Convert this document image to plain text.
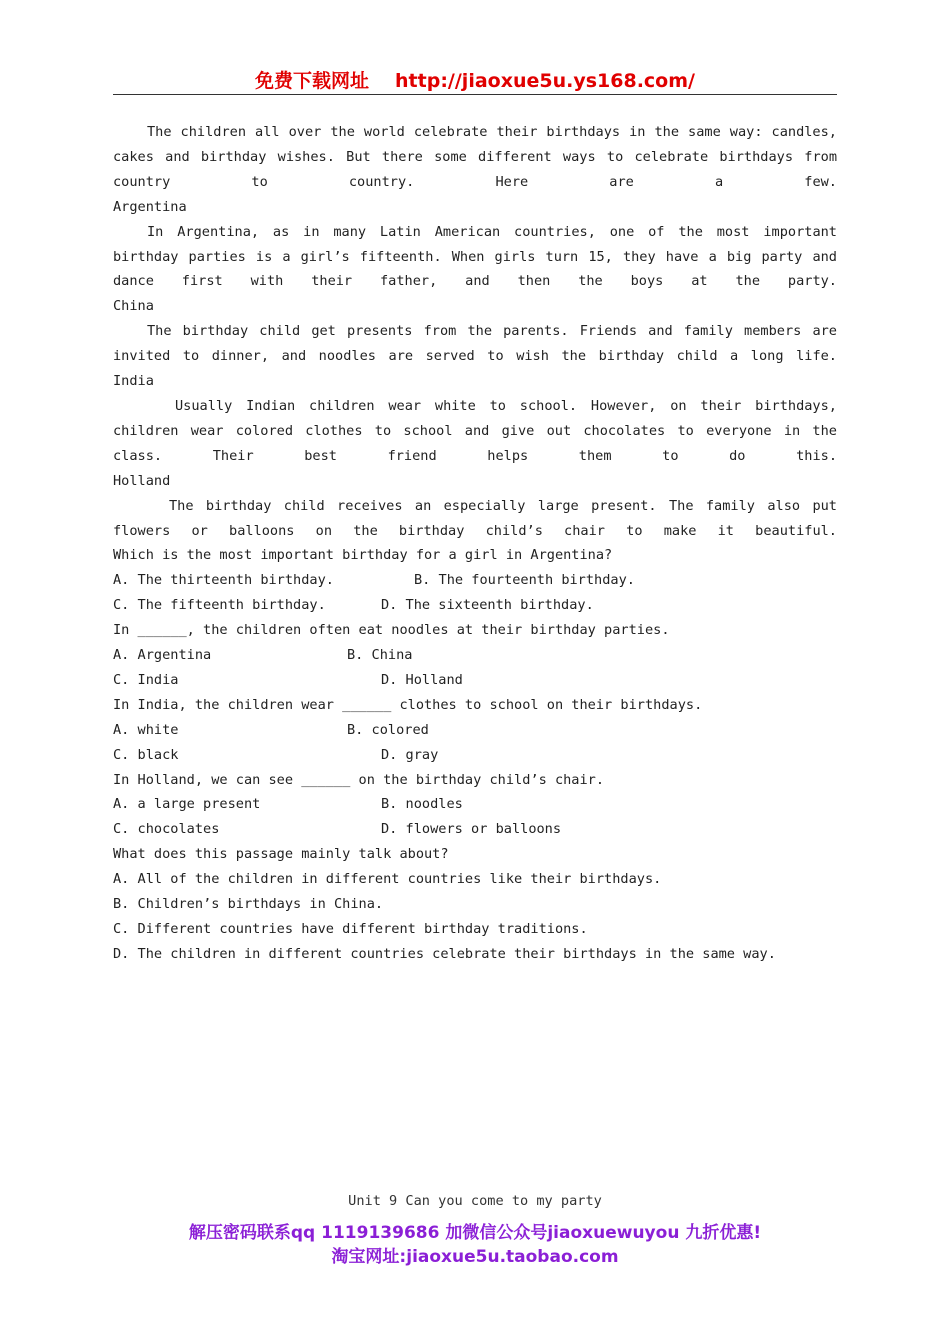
免费下载网址 http://jiaoxue5u.ys168.com/

The children all over the world celebrate their birthdays in the same way: candles, cakes and birthday wishes. But there some different ways to celebrate birthdays from country to country. Here are a few.

Argentina

In Argentina, as in many Latin American countries, one of the most important birthday parties is a girl’s fifteenth. When girls turn 15, they have a big party and dance first with their father, and then the boys at the party.

China

The birthday child get presents from the parents. Friends and family members are invited to dinner, and noodles are served to wish the birthday child a long life.

India

Usually Indian children wear white to school. However, on their birthdays, children wear colored clothes to school and give out chocolates to everyone in the class. Their best friend helps them to do this.

Holland

The birthday child receives an especially large present. The family also put flowers or balloons on the birthday child’s chair to make it beautiful.

Which is the most important birthday for a girl in Argentina?

A. The thirteenth birthday.	B. The fourteenth birthday.
C. The fifteenth birthday.	D. The sixteenth birthday.

In ______, the children often eat noodles at their birthday parties.

A. Argentina	B. China
C. India	D. Holland

In India, the children wear ______ clothes to school on their birthdays.

A. white	B. colored
C. black	D. gray

In Holland, we can see ______ on the birthday child’s chair.

A. a large present	B. noodles
C. chocolates	D. flowers or balloons

What does this passage mainly talk about?

A. All of the children in different countries like their birthdays.

B. Children’s birthdays in China.

C. Different countries have different birthday traditions.

D. The children in different countries celebrate their birthdays in the same way.

Unit 9 Can you come to my party
解压密码联系qq 1119139686 加微信公众号jiaoxuewuyou 九折优惠!
淘宝网址:jiaoxue5u.taobao.com
